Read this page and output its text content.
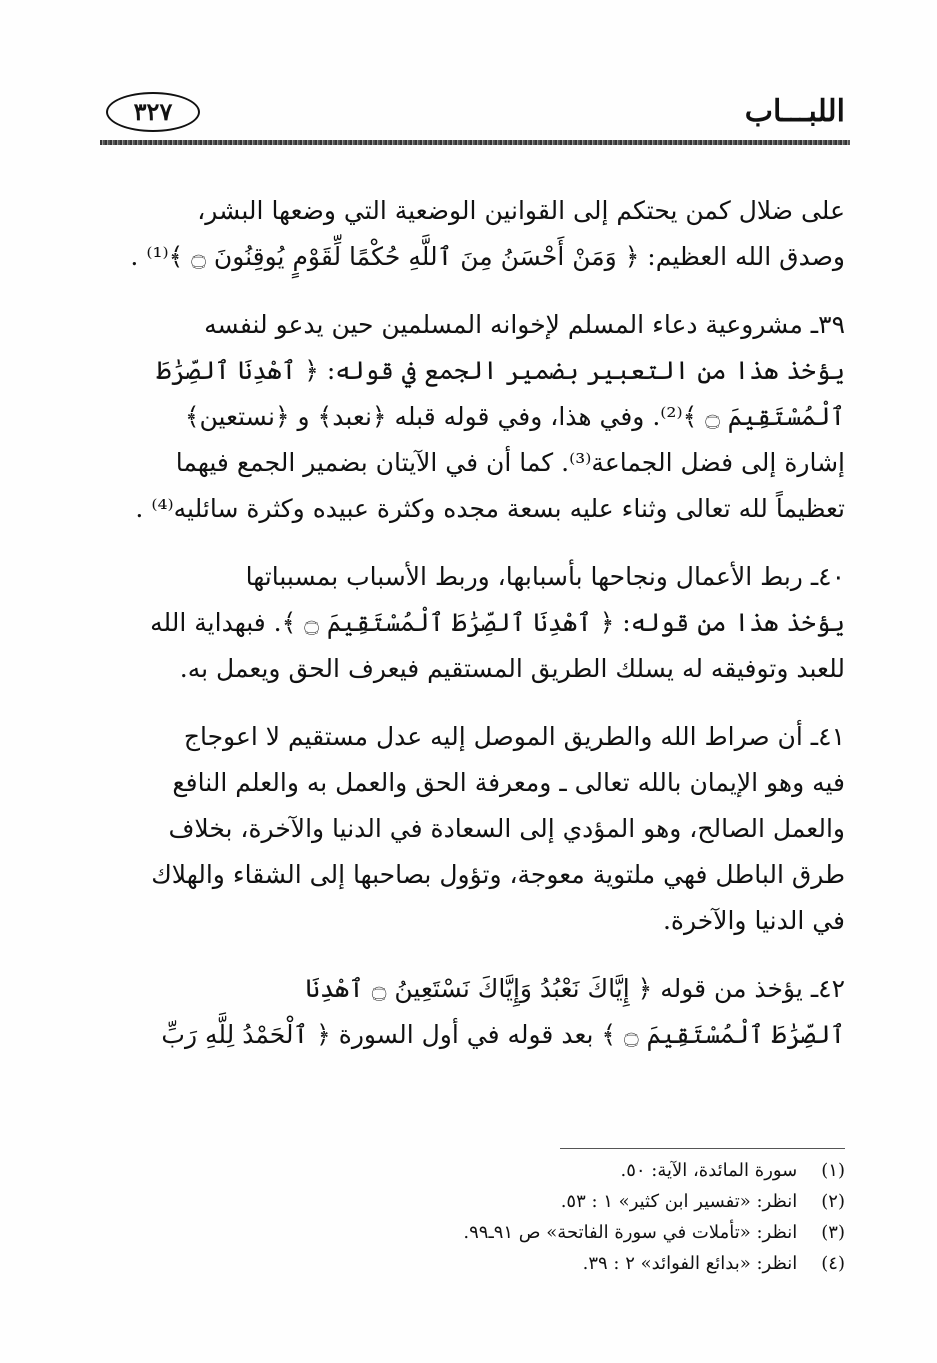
اللبـــاب
٣٢٧

على ضلال كمن يحتكم إلى القوانين الوضعية التي وضعها البشر،

وصدق الله العظيم: ﴿ وَمَنْ أَحْسَنُ مِنَ ٱللَّهِ حُكْمًا لِّقَوْمٍ يُوقِنُونَ ۝ ﴾⁽¹⁾ .

٣٩ـ مشروعية دعاء المسلم لإخوانه المسلمين حين يدعو لنفسه

يؤخذ هذا من التعبير بضمير الجمع في قوله: ﴿ ٱهْدِنَا ٱلصِّرَٰطَ

ٱلْمُسْتَقِيمَ ۝ ﴾⁽²⁾. وفي هذا، وفي قوله قبله ﴿نعبد﴾ و ﴿نستعين﴾

إشارة إلى فضل الجماعة⁽³⁾. كما أن في الآيتان بضمير الجمع فيهما

تعظيماً لله تعالى وثناء عليه بسعة مجده وكثرة عبيده وكثرة سائليه⁽⁴⁾ .

٤٠ـ ربط الأعمال ونجاحها بأسبابها، وربط الأسباب بمسبباتها

يؤخذ هذا من قوله: ﴿ ٱهْدِنَا ٱلصِّرَٰطَ ٱلْمُسْتَقِيمَ ۝ ﴾. فبهداية الله

للعبد وتوفيقه له يسلك الطريق المستقيم فيعرف الحق ويعمل به.

٤١ـ أن صراط الله والطريق الموصل إليه عدل مستقيم لا اعوجاج

فيه وهو الإيمان بالله تعالى ـ ومعرفة الحق والعمل به والعلم النافع

والعمل الصالح، وهو المؤدي إلى السعادة في الدنيا والآخرة، بخلاف

طرق الباطل فهي ملتوية معوجة، وتؤول بصاحبها إلى الشقاء والهلاك

في الدنيا والآخرة.

٤٢ـ يؤخذ من قوله ﴿ إِيَّاكَ نَعْبُدُ وَإِيَّاكَ نَسْتَعِينُ ۝ ٱهْدِنَا

ٱلصِّرَٰطَ ٱلْمُسْتَقِيمَ ۝ ﴾ بعد قوله في أول السورة ﴿ ٱلْحَمْدُ لِلَّهِ رَبِّ

(١) سورة المائدة، الآية: ٥٠.
(٢) انظر: «تفسير ابن كثير» ١ : ٥٣.
(٣) انظر: «تأملات في سورة الفاتحة» ص ٩١ـ٩٩.
(٤) انظر: «بدائع الفوائد» ٢ : ٣٩.
